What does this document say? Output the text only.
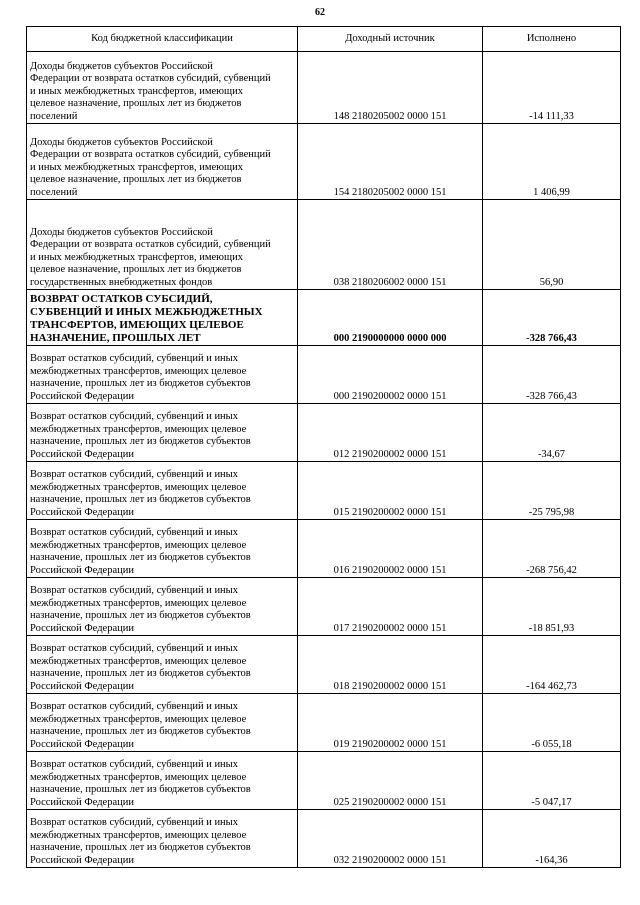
62
Код бюджетной классификации	Доходный источник	Исполнено

Доходы бюджетов субъектов Российской
Федерации от возврата остатков субсидий, субвенций
и иных межбюджетных трансфертов, имеющих
целевое назначение, прошлых лет из бюджетов
поселений	148 2180205002 0000 151	-14 111,33

Доходы бюджетов субъектов Российской
Федерации от возврата остатков субсидий, субвенций
и иных межбюджетных трансфертов, имеющих
целевое назначение, прошлых лет из бюджетов
поселений	154 2180205002 0000 151	1 406,99

Доходы бюджетов субъектов Российской
Федерации от возврата остатков субсидий, субвенций
и иных межбюджетных трансфертов, имеющих
целевое назначение, прошлых лет из бюджетов
государственных внебюджетных фондов	038 2180206002 0000 151	56,90

ВОЗВРАТ ОСТАТКОВ СУБСИДИЙ,
СУБВЕНЦИЙ И ИНЫХ МЕЖБЮДЖЕТНЫХ
ТРАНСФЕРТОВ, ИМЕЮЩИХ ЦЕЛЕВОЕ
НАЗНАЧЕНИЕ, ПРОШЛЫХ ЛЕТ	000 2190000000 0000 000	-328 766,43

Возврат остатков субсидий, субвенций и иных
межбюджетных трансфертов, имеющих целевое
назначение, прошлых лет из бюджетов субъектов
Российской Федерации	000 2190200002 0000 151	-328 766,43

Возврат остатков субсидий, субвенций и иных
межбюджетных трансфертов, имеющих целевое
назначение, прошлых лет из бюджетов субъектов
Российской Федерации	012 2190200002 0000 151	-34,67

Возврат остатков субсидий, субвенций и иных
межбюджетных трансфертов, имеющих целевое
назначение, прошлых лет из бюджетов субъектов
Российской Федерации	015 2190200002 0000 151	-25 795,98

Возврат остатков субсидий, субвенций и иных
межбюджетных трансфертов, имеющих целевое
назначение, прошлых лет из бюджетов субъектов
Российской Федерации	016 2190200002 0000 151	-268 756,42

Возврат остатков субсидий, субвенций и иных
межбюджетных трансфертов, имеющих целевое
назначение, прошлых лет из бюджетов субъектов
Российской Федерации	017 2190200002 0000 151	-18 851,93

Возврат остатков субсидий, субвенций и иных
межбюджетных трансфертов, имеющих целевое
назначение, прошлых лет из бюджетов субъектов
Российской Федерации	018 2190200002 0000 151	-164 462,73

Возврат остатков субсидий, субвенций и иных
межбюджетных трансфертов, имеющих целевое
назначение, прошлых лет из бюджетов субъектов
Российской Федерации	019 2190200002 0000 151	-6 055,18

Возврат остатков субсидий, субвенций и иных
межбюджетных трансфертов, имеющих целевое
назначение, прошлых лет из бюджетов субъектов
Российской Федерации	025 2190200002 0000 151	-5 047,17

Возврат остатков субсидий, субвенций и иных
межбюджетных трансфертов, имеющих целевое
назначение, прошлых лет из бюджетов субъектов
Российской Федерации	032 2190200002 0000 151	-164,36
